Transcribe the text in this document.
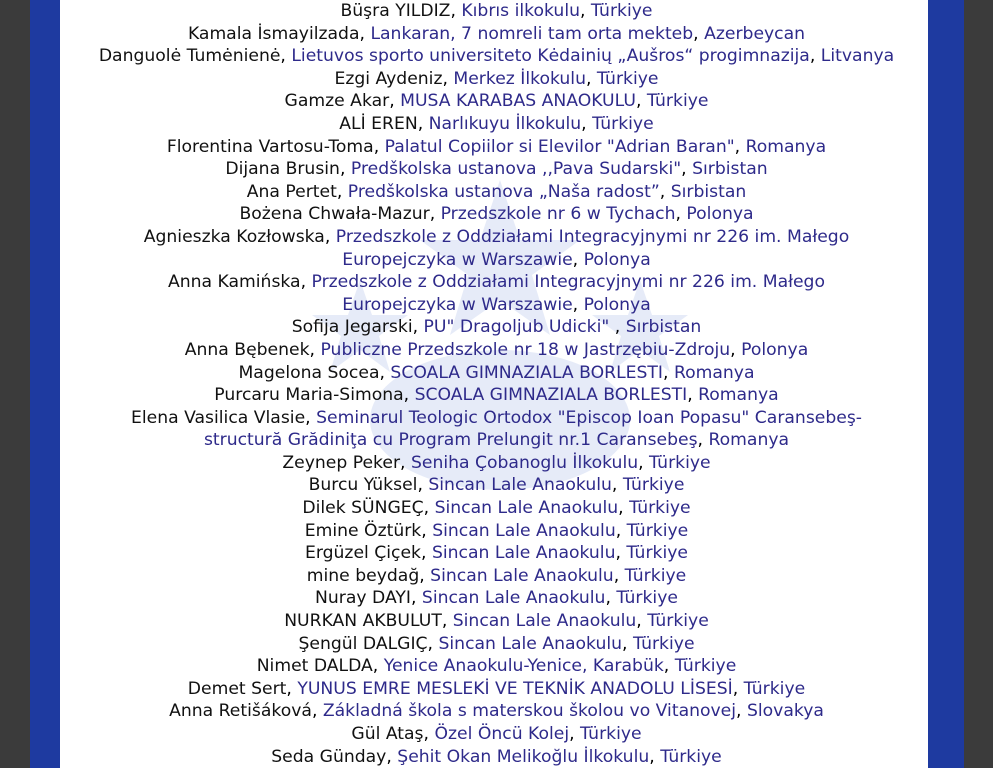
Büşra YILDIZ, Kıbrıs ilkokulu, Türkiye
Kamala İsmayilzada, Lankaran, 7 nomreli tam orta mekteb, Azerbeycan
Danguolė Tumėnienė, Lietuvos sporto universiteto Kėdainių „Aušros“ progimnazija, Litvanya
Ezgi Aydeniz, Merkez İlkokulu, Türkiye
Gamze Akar, MUSA KARABAS ANAOKULU, Türkiye
ALİ EREN, Narlıkuyu İlkokulu, Türkiye
Florentina Vartosu-Toma, Palatul Copiilor si Elevilor "Adrian Baran", Romanya
Dijana Brusin, Predškolska ustanova ,,Pava Sudarski", Sırbistan
Ana Pertet, Predškolska ustanova „Naša radost”, Sırbistan
Bożena Chwała-Mazur, Przedszkole nr 6 w Tychach, Polonya
Agnieszka Kozłowska, Przedszkole z Oddziałami Integracyjnymi nr 226 im. Małego Europejczyka w Warszawie, Polonya
Anna Kamińska, Przedszkole z Oddziałami Integracyjnymi nr 226 im. Małego Europejczyka w Warszawie, Polonya
Sofija Jegarski, PU" Dragoljub Udicki" , Sırbistan
Anna Bębenek, Publiczne Przedszkole nr 18 w Jastrzębiu-Zdroju, Polonya
Magelona Socea, SCOALA GIMNAZIALA BORLESTI, Romanya
Purcaru Maria-Simona, SCOALA GIMNAZIALA BORLESTI, Romanya
Elena Vasilica Vlasie, Seminarul Teologic Ortodox "Episcop Ioan Popasu" Caransebeş-structură Grădiniţa cu Program Prelungit nr.1 Caransebeş, Romanya
Zeynep Peker, Seniha Çobanoglu İlkokulu, Türkiye
Burcu Yüksel, Sincan Lale Anaokulu, Türkiye
Dilek SÜNGEÇ, Sincan Lale Anaokulu, Türkiye
Emine Öztürk, Sincan Lale Anaokulu, Türkiye
Ergüzel Çiçek, Sincan Lale Anaokulu, Türkiye
mine beydağ, Sincan Lale Anaokulu, Türkiye
Nuray DAYI, Sincan Lale Anaokulu, Türkiye
NURKAN AKBULUT, Sincan Lale Anaokulu, Türkiye
Şengül DALGIÇ, Sincan Lale Anaokulu, Türkiye
Nimet DALDA, Yenice Anaokulu-Yenice, Karabük, Türkiye
Demet Sert, YUNUS EMRE MESLEKİ VE TEKNİK ANADOLU LİSESİ, Türkiye
Anna Retišáková, Základná škola s materskou školou vo Vitanovej, Slovakya
Gül Ataş, Özel Öncü Kolej, Türkiye
Seda Günday, Şehit Okan Melikoğlu İlkokulu, Türkiye
